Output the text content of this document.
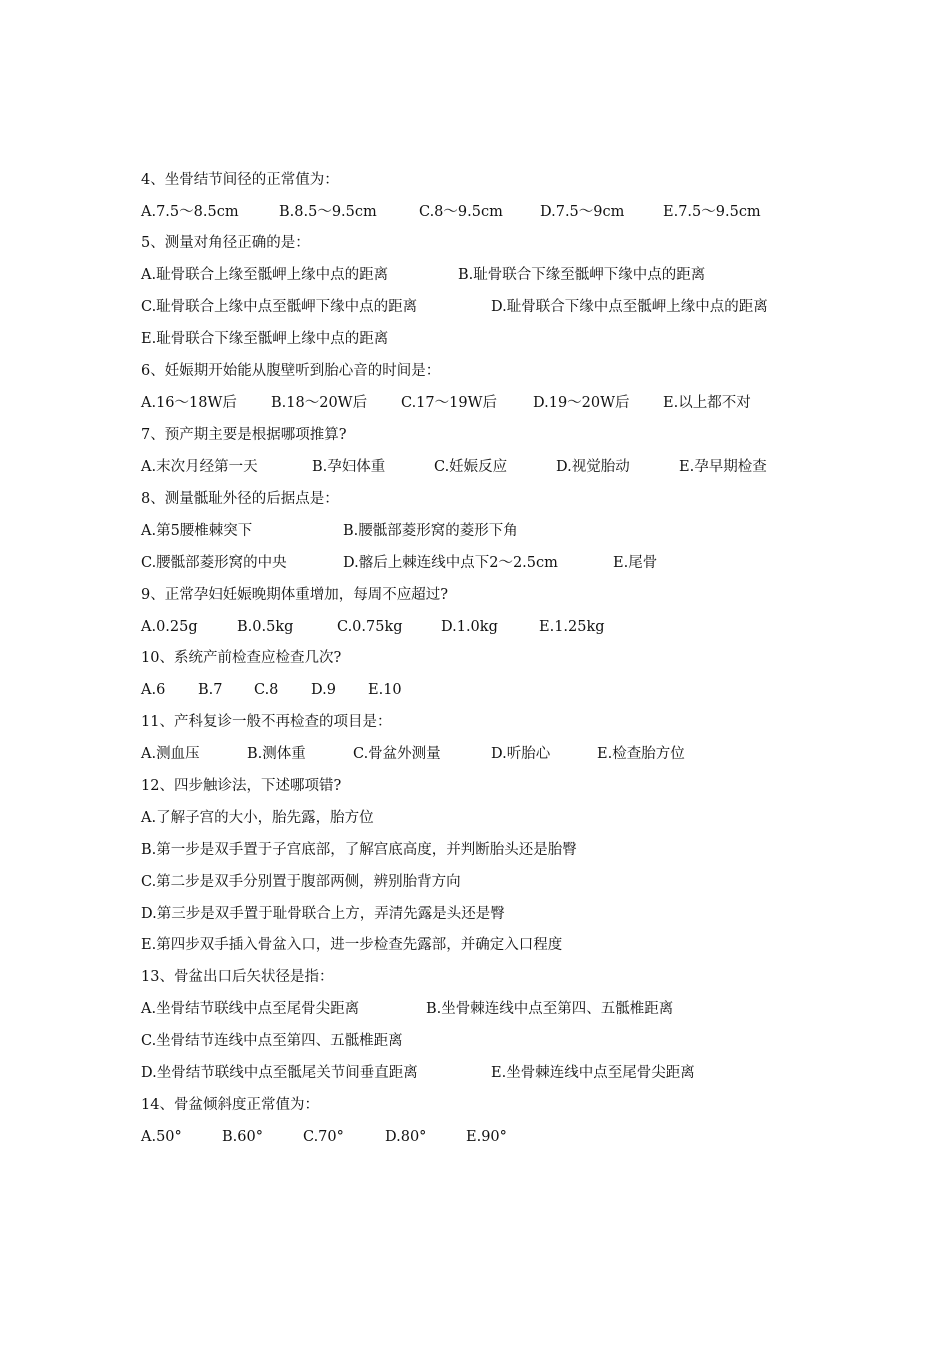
4、坐骨结节间径的正常值为：
A.7.5～8.5cm	B.8.5～9.5cm	C.8～9.5cm	D.7.5～9cm	E.7.5～9.5cm
5、测量对角径正确的是：
A.耻骨联合上缘至骶岬上缘中点的距离	B.耻骨联合下缘至骶岬下缘中点的距离
C.耻骨联合上缘中点至骶岬下缘中点的距离	D.耻骨联合下缘中点至骶岬上缘中点的距离
E.耻骨联合下缘至骶岬上缘中点的距离
6、妊娠期开始能从腹壁听到胎心音的时间是：
A.16～18W后 B.18～20W后 C.17～19W后 D.19～20W后 E.以上都不对
7、预产期主要是根据哪项推算?
A.末次月经第一天	B.孕妇体重	C.妊娠反应	D.视觉胎动	E.孕早期检查
8、测量骶耻外径的后据点是：
A.第5腰椎棘突下	B.腰骶部菱形窝的菱形下角
C.腰骶部菱形窝的中央	D.髂后上棘连线中点下2～2.5cm	E.尾骨
9、正常孕妇妊娠晚期体重增加，每周不应超过?
A.0.25g	B.0.5kg	C.0.75kg	D.1.0kg	E.1.25kg
10、系统产前检查应检查几次?
A.6 B.7 C.8 D.9 E.10
11、产科复诊一般不再检查的项目是：
A.测血压	B.测体重	C.骨盆外测量	D.听胎心	E.检查胎方位
12、四步触诊法，下述哪项错?
A.了解子宫的大小，胎先露，胎方位
B.第一步是双手置于子宫底部，了解宫底高度，并判断胎头还是胎臀
C.第二步是双手分别置于腹部两侧，辨别胎背方向
D.第三步是双手置于耻骨联合上方，弄清先露是头还是臀
E.第四步双手插入骨盆入口，进一步检查先露部，并确定入口程度
13、骨盆出口后矢状径是指：
A.坐骨结节联线中点至尾骨尖距离	B.坐骨棘连线中点至第四、五骶椎距离
C.坐骨结节连线中点至第四、五骶椎距离
D.坐骨结节联线中点至骶尾关节间垂直距离	E.坐骨棘连线中点至尾骨尖距离
14、骨盆倾斜度正常值为：
A.50°	B.60°	C.70°	D.80°	E.90°
